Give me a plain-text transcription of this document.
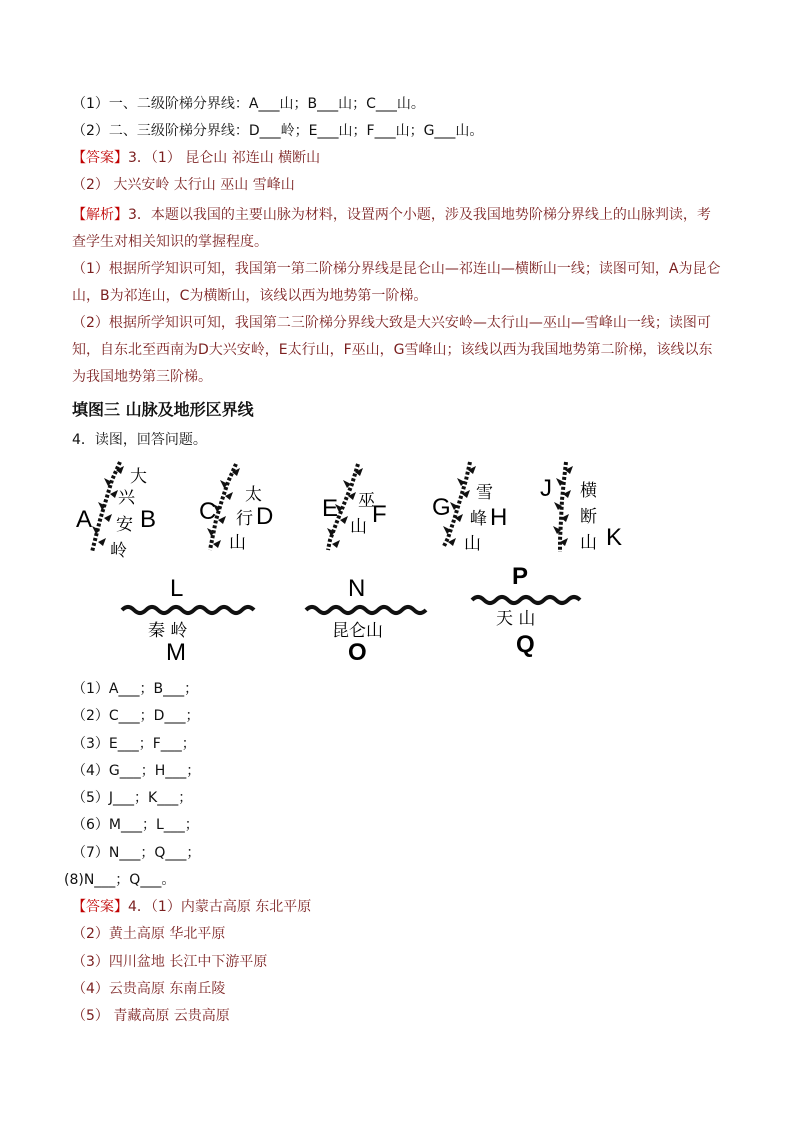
（1）一、二级阶梯分界线：A___山；B___山；C___山。
（2）二、三级阶梯分界线：D___岭；E___山；F___山；G___山。
【答案】3．（1） 昆仑山 祁连山 横断山
（2） 大兴安岭 太行山 巫山 雪峰山
【解析】3．本题以我国的主要山脉为材料，设置两个小题，涉及我国地势阶梯分界线上的山脉判读，考查学生对相关知识的掌握程度。
（1）根据所学知识可知，我国第一第二阶梯分界线是昆仑山—祁连山—横断山一线；读图可知，A为昆仑山，B为祁连山，C为横断山，该线以西为地势第一阶梯。
（2）根据所学知识可知，我国第二三阶梯分界线大致是大兴安岭—太行山—巫山—雪峰山一线；读图可知，自东北至西南为D大兴安岭，E太行山，F巫山，G雪峰山；该线以西为我国地势第二阶梯，该线以东为我国地势第三阶梯。
填图三 山脉及地形区界线
4．读图，回答问题。
A B
大
兴
安
岭
C D
太
行
山
E F
巫
山
G H
雪
峰
山
J
K
横
断
山
L
秦 岭
M
N
昆仑山
O
P
天 山
Q
（1）A___；B___；
（2）C___；D___；
（3）E___；F___；
（4）G___；H___；
（5）J___；K___；
（6）M___；L___；
（7）N___；Q___；
(8)N___；Q___。
【答案】4．（1）内蒙古高原 东北平原
（2）黄土高原 华北平原
（3）四川盆地 长江中下游平原
（4）云贵高原 东南丘陵
（5） 青藏高原 云贵高原
